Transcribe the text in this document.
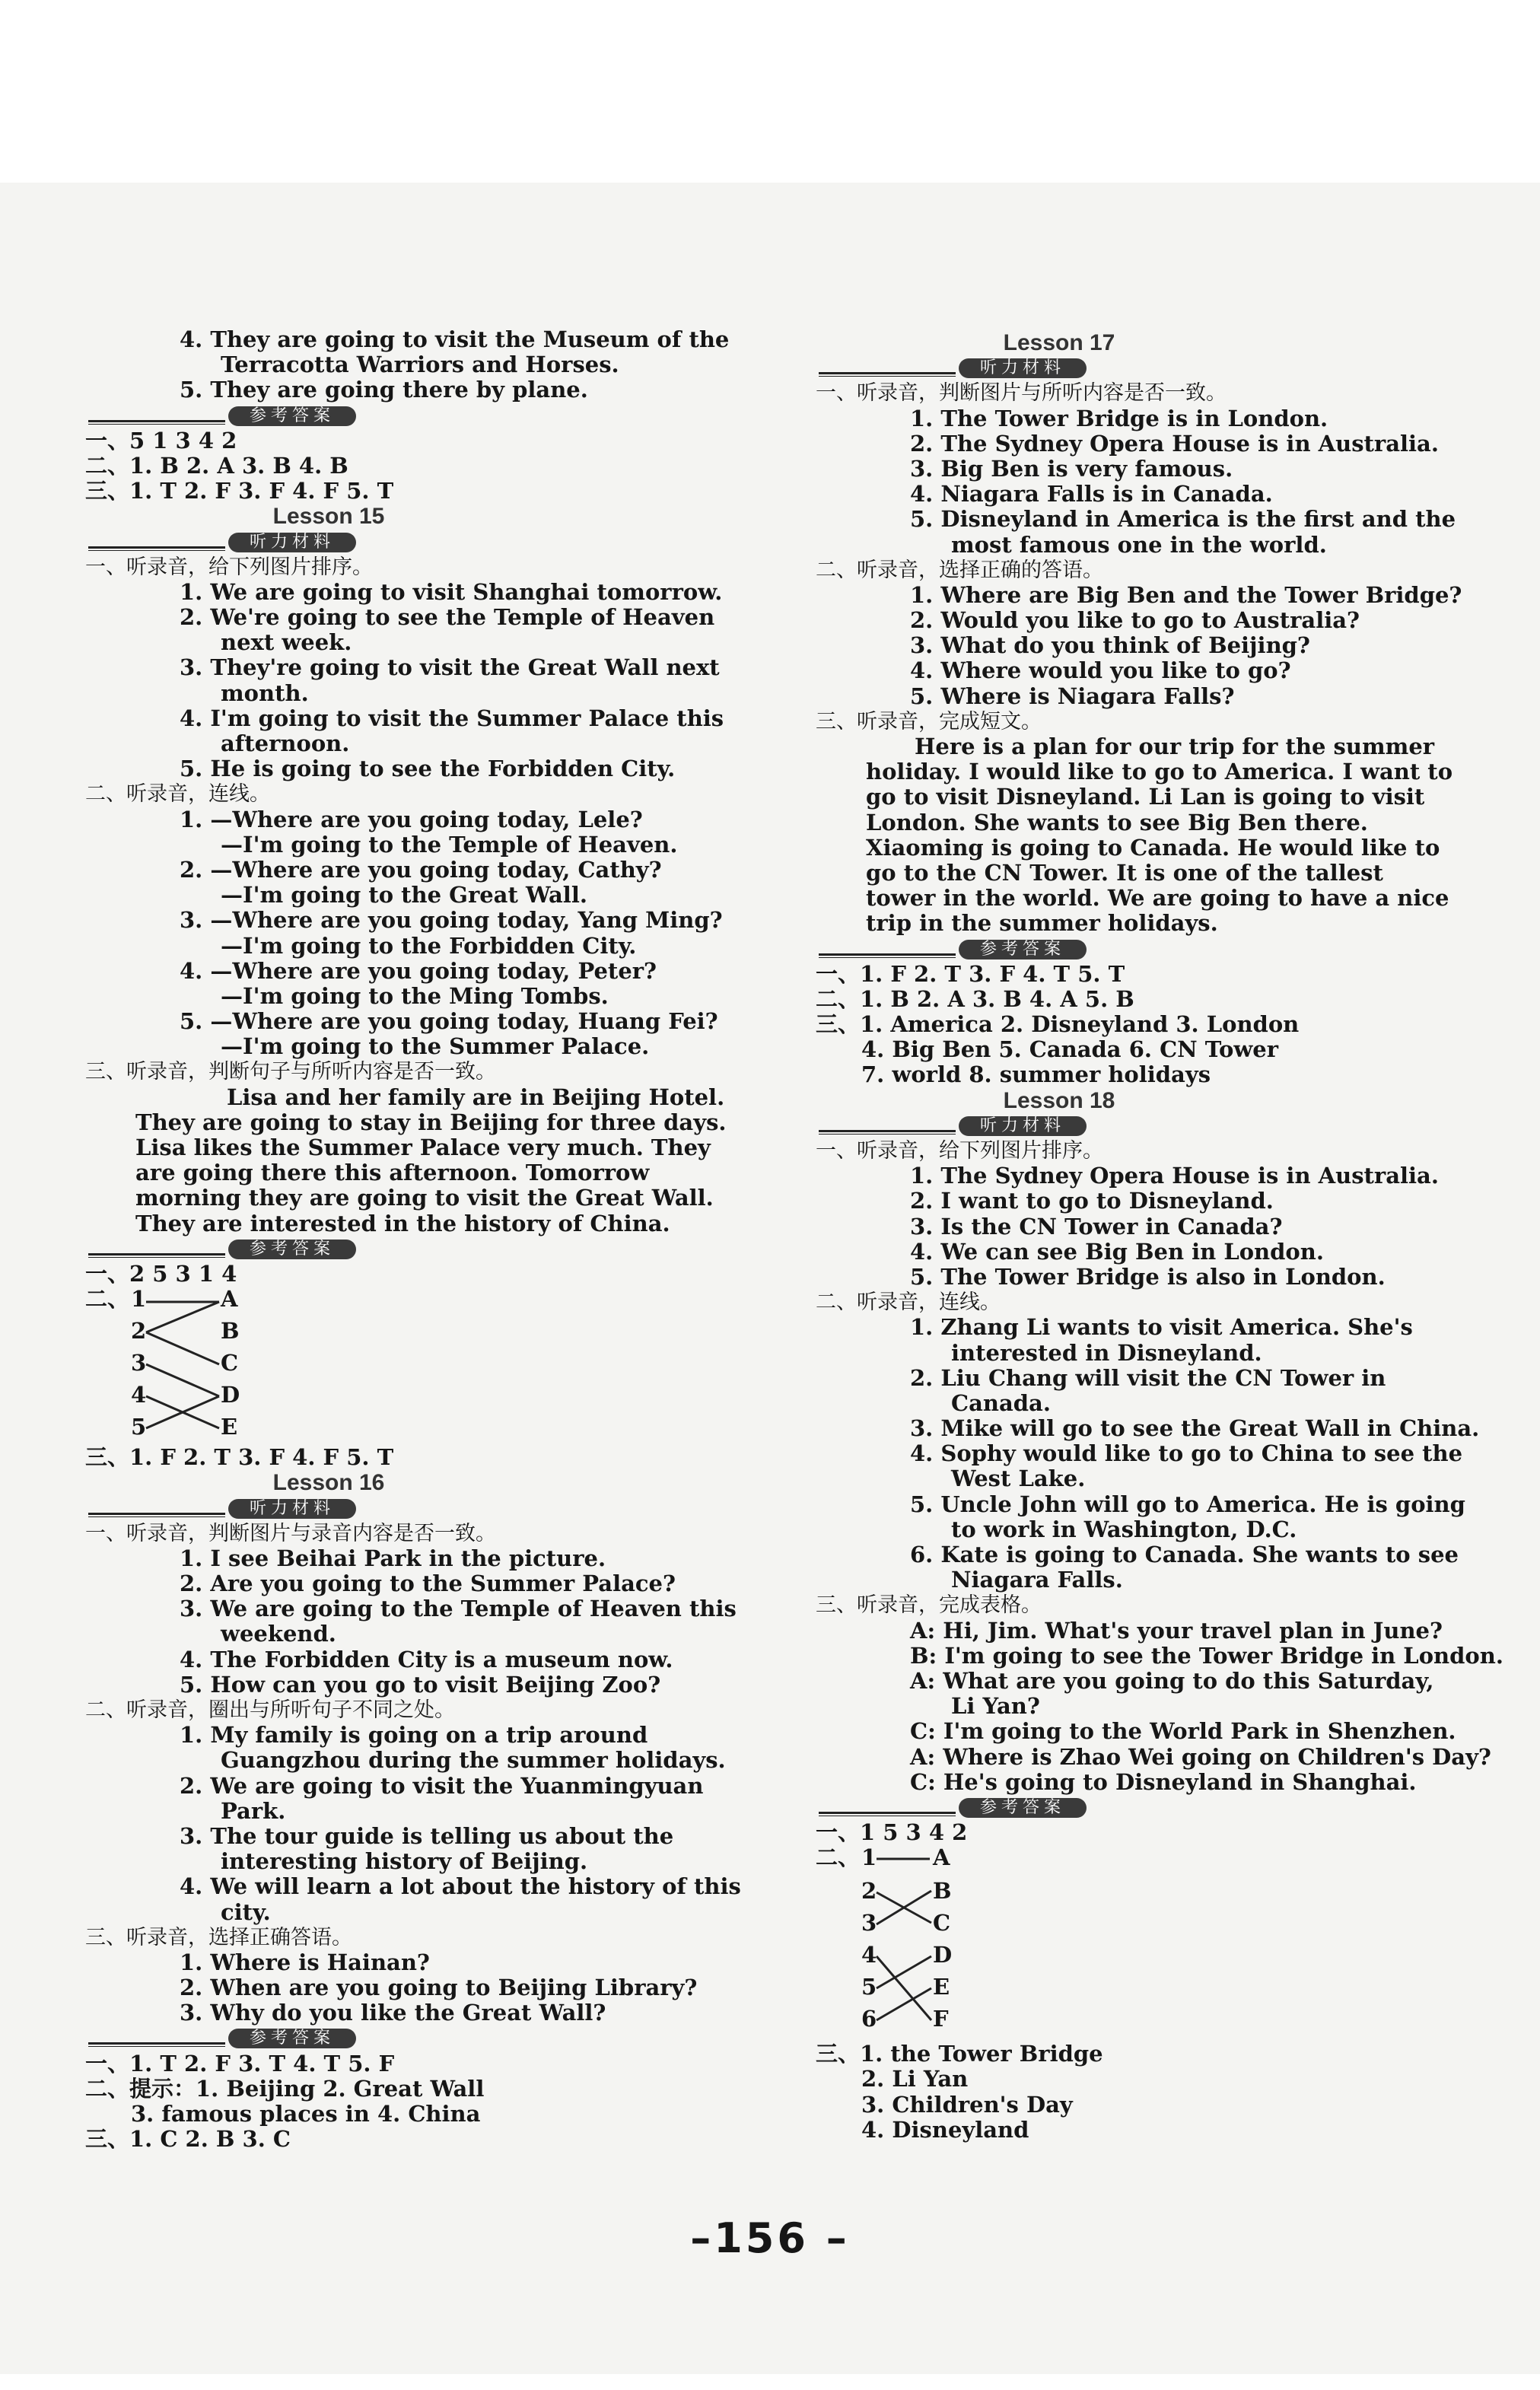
4. They are going to visit the Museum of the
Terracotta Warriors and Horses.
5. They are going there by plane.
参考答案
一、5 1 3 4 2
二、1. B 2. A 3. B 4. B
三、1. T 2. F 3. F 4. F 5. T
Lesson 15
听力材料
一、听录音，给下列图片排序。
1. We are going to visit Shanghai tomorrow.
2. We're going to see the Temple of Heaven
next week.
3. They're going to visit the Great Wall next
month.
4. I'm going to visit the Summer Palace this
afternoon.
5. He is going to see the Forbidden City.
二、听录音，连线。
1. —Where are you going today, Lele?
—I'm going to the Temple of Heaven.
2. —Where are you going today, Cathy?
—I'm going to the Great Wall.
3. —Where are you going today, Yang Ming?
—I'm going to the Forbidden City.
4. —Where are you going today, Peter?
—I'm going to the Ming Tombs.
5. —Where are you going today, Huang Fei?
—I'm going to the Summer Palace.
三、听录音，判断句子与所听内容是否一致。
Lisa and her family are in Beijing Hotel.
They are going to stay in Beijing for three days.
Lisa likes the Summer Palace very much. They
are going there this afternoon. Tomorrow
morning they are going to visit the Great Wall.
They are interested in the history of China.
参考答案
一、2 5 3 1 4
二、 1
2
3
4
5
A
B
C
D
E
三、1. F 2. T 3. F 4. F 5. T
Lesson 16
听力材料
一、听录音，判断图片与录音内容是否一致。
1. I see Beihai Park in the picture.
2. Are you going to the Summer Palace?
3. We are going to the Temple of Heaven this
weekend.
4. The Forbidden City is a museum now.
5. How can you go to visit Beijing Zoo?
二、听录音，圈出与所听句子不同之处。
1. My family is going on a trip around
Guangzhou during the summer holidays.
2. We are going to visit the Yuanmingyuan
Park.
3. The tour guide is telling us about the
interesting history of Beijing.
4. We will learn a lot about the history of this
city.
三、听录音，选择正确答语。
1. Where is Hainan?
2. When are you going to Beijing Library?
3. Why do you like the Great Wall?
参考答案
一、1. T 2. F 3. T 4. T 5. F
二、提示：1. Beijing 2. Great Wall
3. famous places in 4. China
三、1. C 2. B 3. C
Lesson 17
听力材料
一、听录音，判断图片与所听内容是否一致。
1. The Tower Bridge is in London.
2. The Sydney Opera House is in Australia.
3. Big Ben is very famous.
4. Niagara Falls is in Canada.
5. Disneyland in America is the first and the
most famous one in the world.
二、听录音，选择正确的答语。
1. Where are Big Ben and the Tower Bridge?
2. Would you like to go to Australia?
3. What do you think of Beijing?
4. Where would you like to go?
5. Where is Niagara Falls?
三、听录音，完成短文。
Here is a plan for our trip for the summer
holiday. I would like to go to America. I want to
go to visit Disneyland. Li Lan is going to visit
London. She wants to see Big Ben there.
Xiaoming is going to Canada. He would like to
go to the CN Tower. It is one of the tallest
tower in the world. We are going to have a nice
trip in the summer holidays.
参考答案
一、1. F 2. T 3. F 4. T 5. T
二、1. B 2. A 3. B 4. A 5. B
三、1. America 2. Disneyland 3. London
4. Big Ben 5. Canada 6. CN Tower
7. world 8. summer holidays
Lesson 18
听力材料
一、听录音，给下列图片排序。
1. The Sydney Opera House is in Australia.
2. I want to go to Disneyland.
3. Is the CN Tower in Canada?
4. We can see Big Ben in London.
5. The Tower Bridge is also in London.
二、听录音，连线。
1. Zhang Li wants to visit America. She's
interested in Disneyland.
2. Liu Chang will visit the CN Tower in
Canada.
3. Mike will go to see the Great Wall in China.
4. Sophy would like to go to China to see the
West Lake.
5. Uncle John will go to America. He is going
to work in Washington, D.C.
6. Kate is going to Canada. She wants to see
Niagara Falls.
三、听录音，完成表格。
A: Hi, Jim. What's your travel plan in June?
B: I'm going to see the Tower Bridge in London.
A: What are you going to do this Saturday,
Li Yan?
C: I'm going to the World Park in Shenzhen.
A: Where is Zhao Wei going on Children's Day?
C: He's going to Disneyland in Shanghai.
参考答案
一、1 5 3 4 2
二、 1
2
3
4
5
6
A
B
C
D
E
F
三、1. the Tower Bridge
2. Li Yan
3. Children's Day
4. Disneyland
–156 –
